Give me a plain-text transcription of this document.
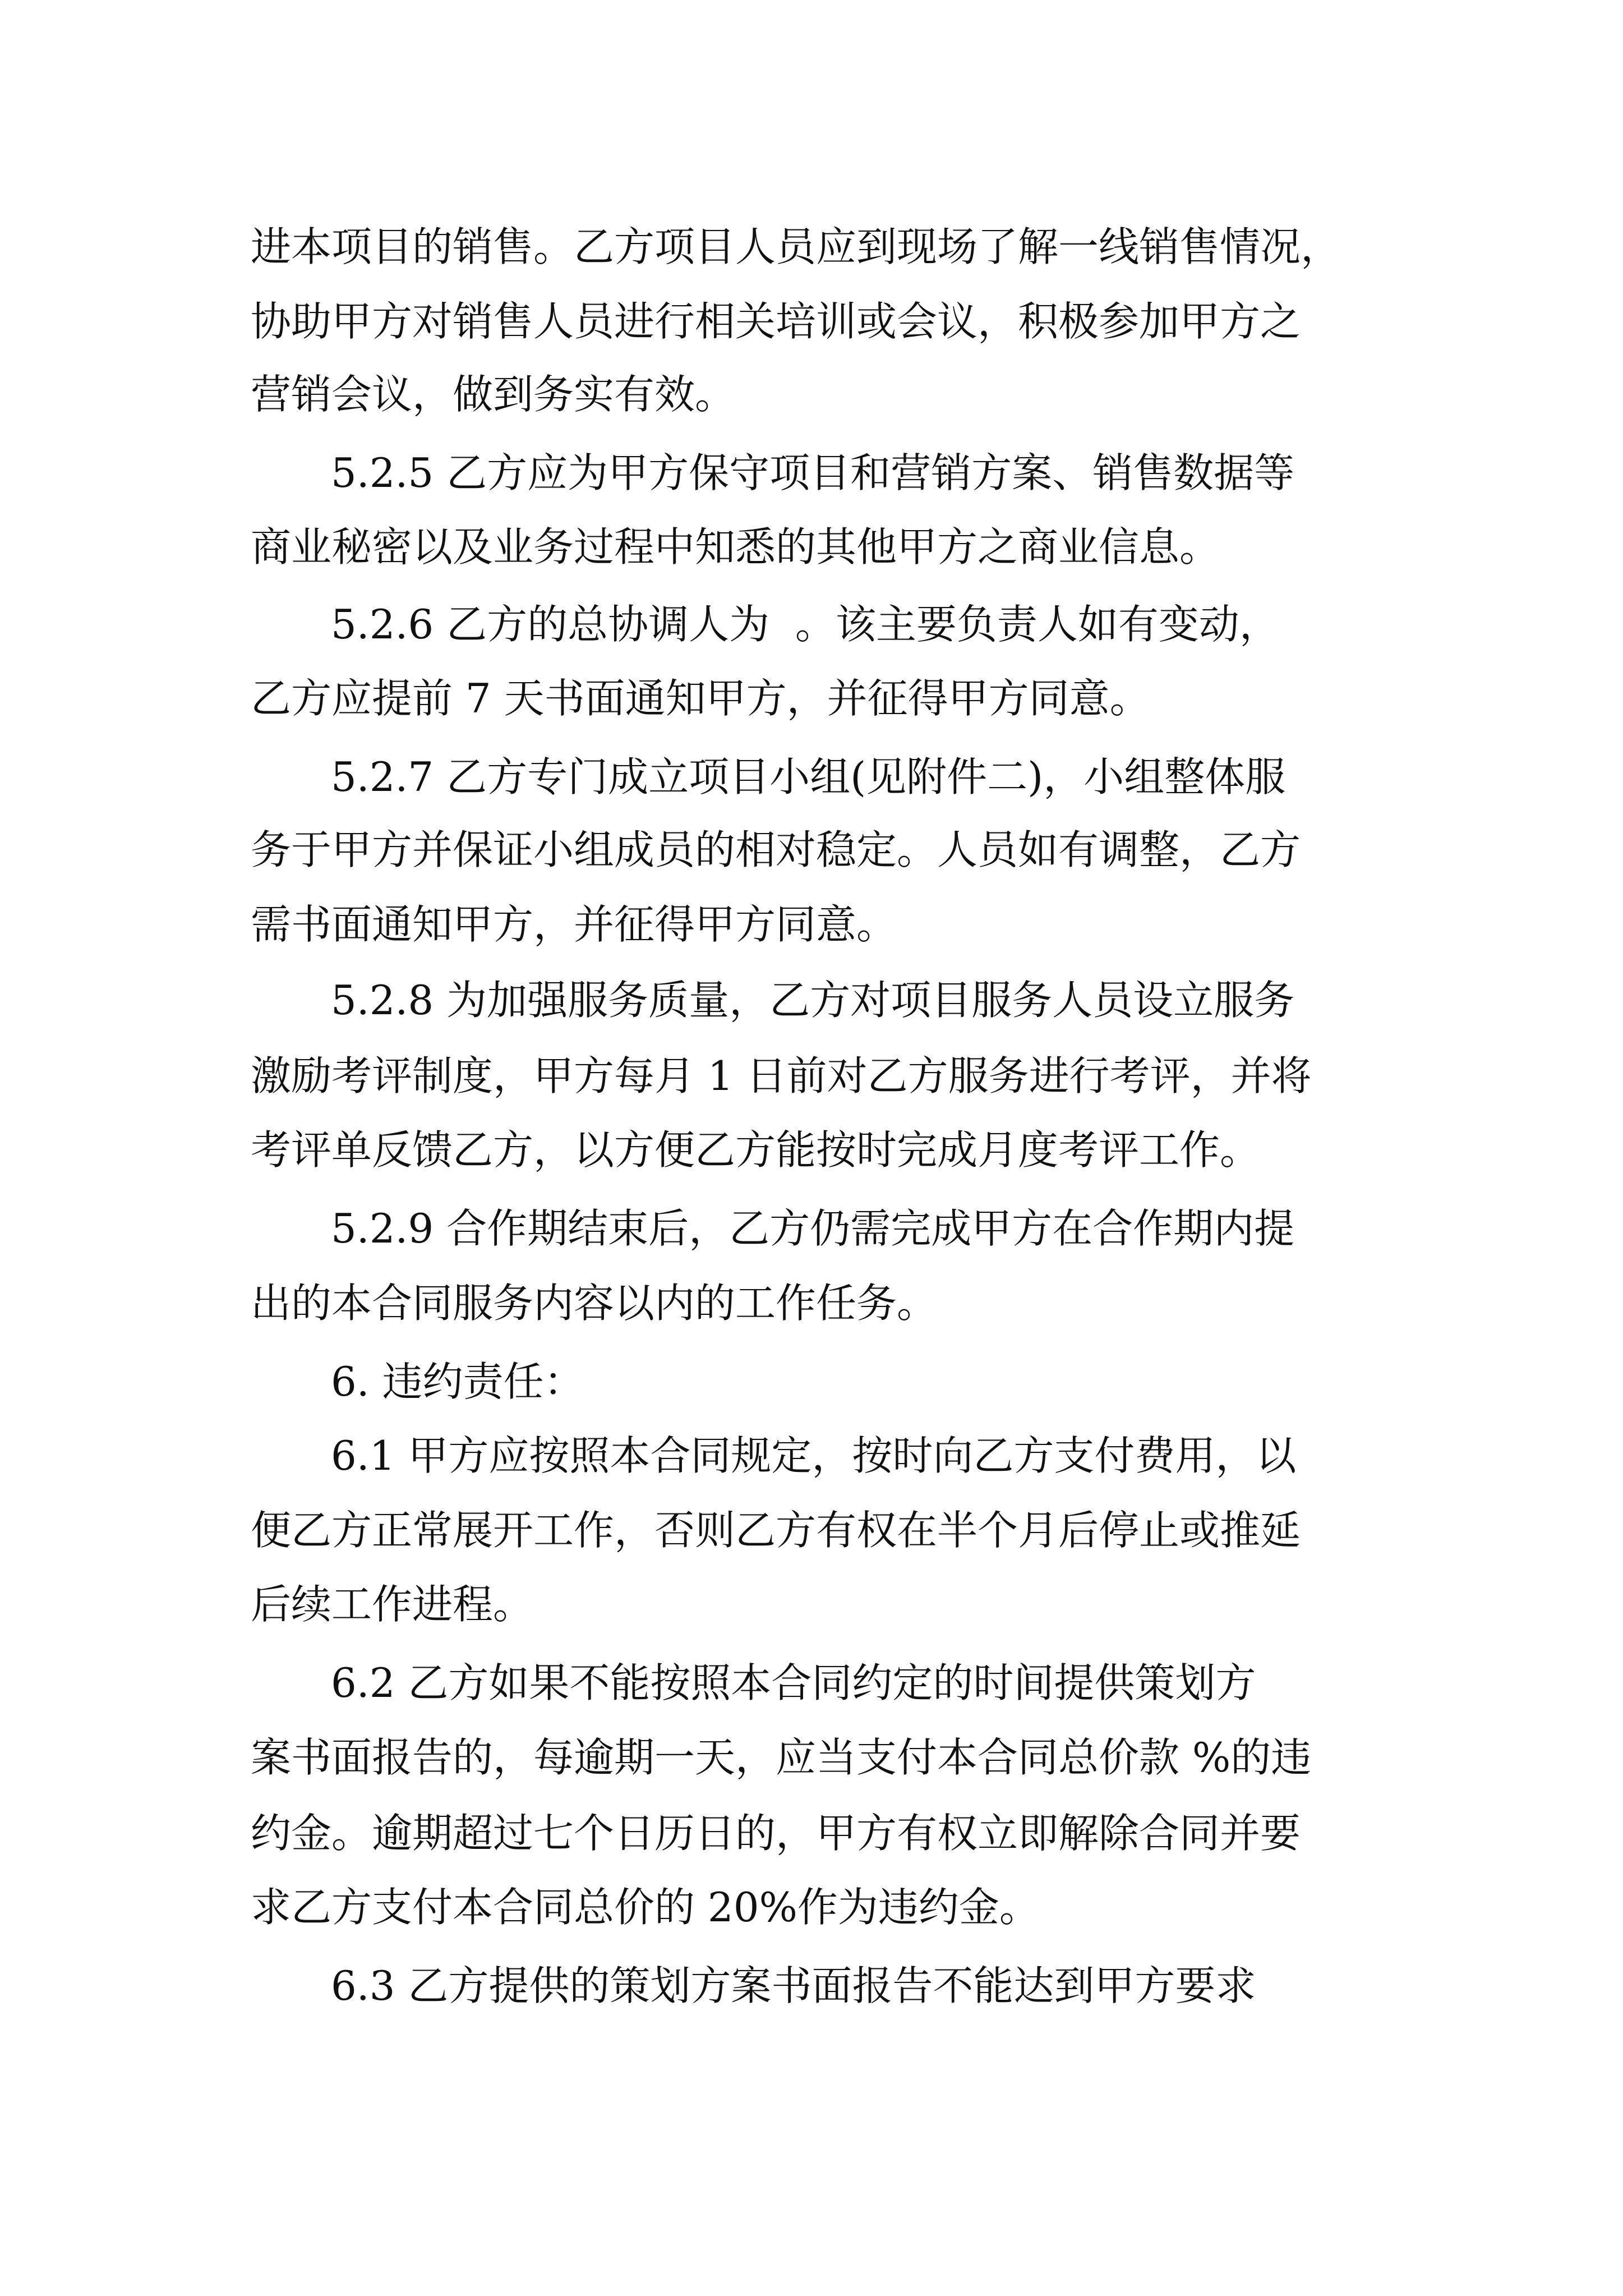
进本项目的销售。乙方项目人员应到现场了解一线销售情况，
协助甲方对销售人员进行相关培训或会议，积极参加甲方之
营销会议，做到务实有效。
5.2.5 乙方应为甲方保守项目和营销方案、销售数据等
商业秘密以及业务过程中知悉的其他甲方之商业信息。
5.2.6 乙方的总协调人为  。该主要负责人如有变动，
乙方应提前 7 天书面通知甲方，并征得甲方同意。
5.2.7 乙方专门成立项目小组(见附件二)，小组整体服
务于甲方并保证小组成员的相对稳定。人员如有调整，乙方
需书面通知甲方，并征得甲方同意。
5.2.8 为加强服务质量，乙方对项目服务人员设立服务
激励考评制度，甲方每月 1 日前对乙方服务进行考评，并将
考评单反馈乙方，以方便乙方能按时完成月度考评工作。
5.2.9 合作期结束后，乙方仍需完成甲方在合作期内提
出的本合同服务内容以内的工作任务。
6. 违约责任：
6.1 甲方应按照本合同规定，按时向乙方支付费用，以
便乙方正常展开工作，否则乙方有权在半个月后停止或推延
后续工作进程。
6.2 乙方如果不能按照本合同约定的时间提供策划方
案书面报告的，每逾期一天，应当支付本合同总价款 %的违
约金。逾期超过七个日历日的，甲方有权立即解除合同并要
求乙方支付本合同总价的 20%作为违约金。
6.3 乙方提供的策划方案书面报告不能达到甲方要求
